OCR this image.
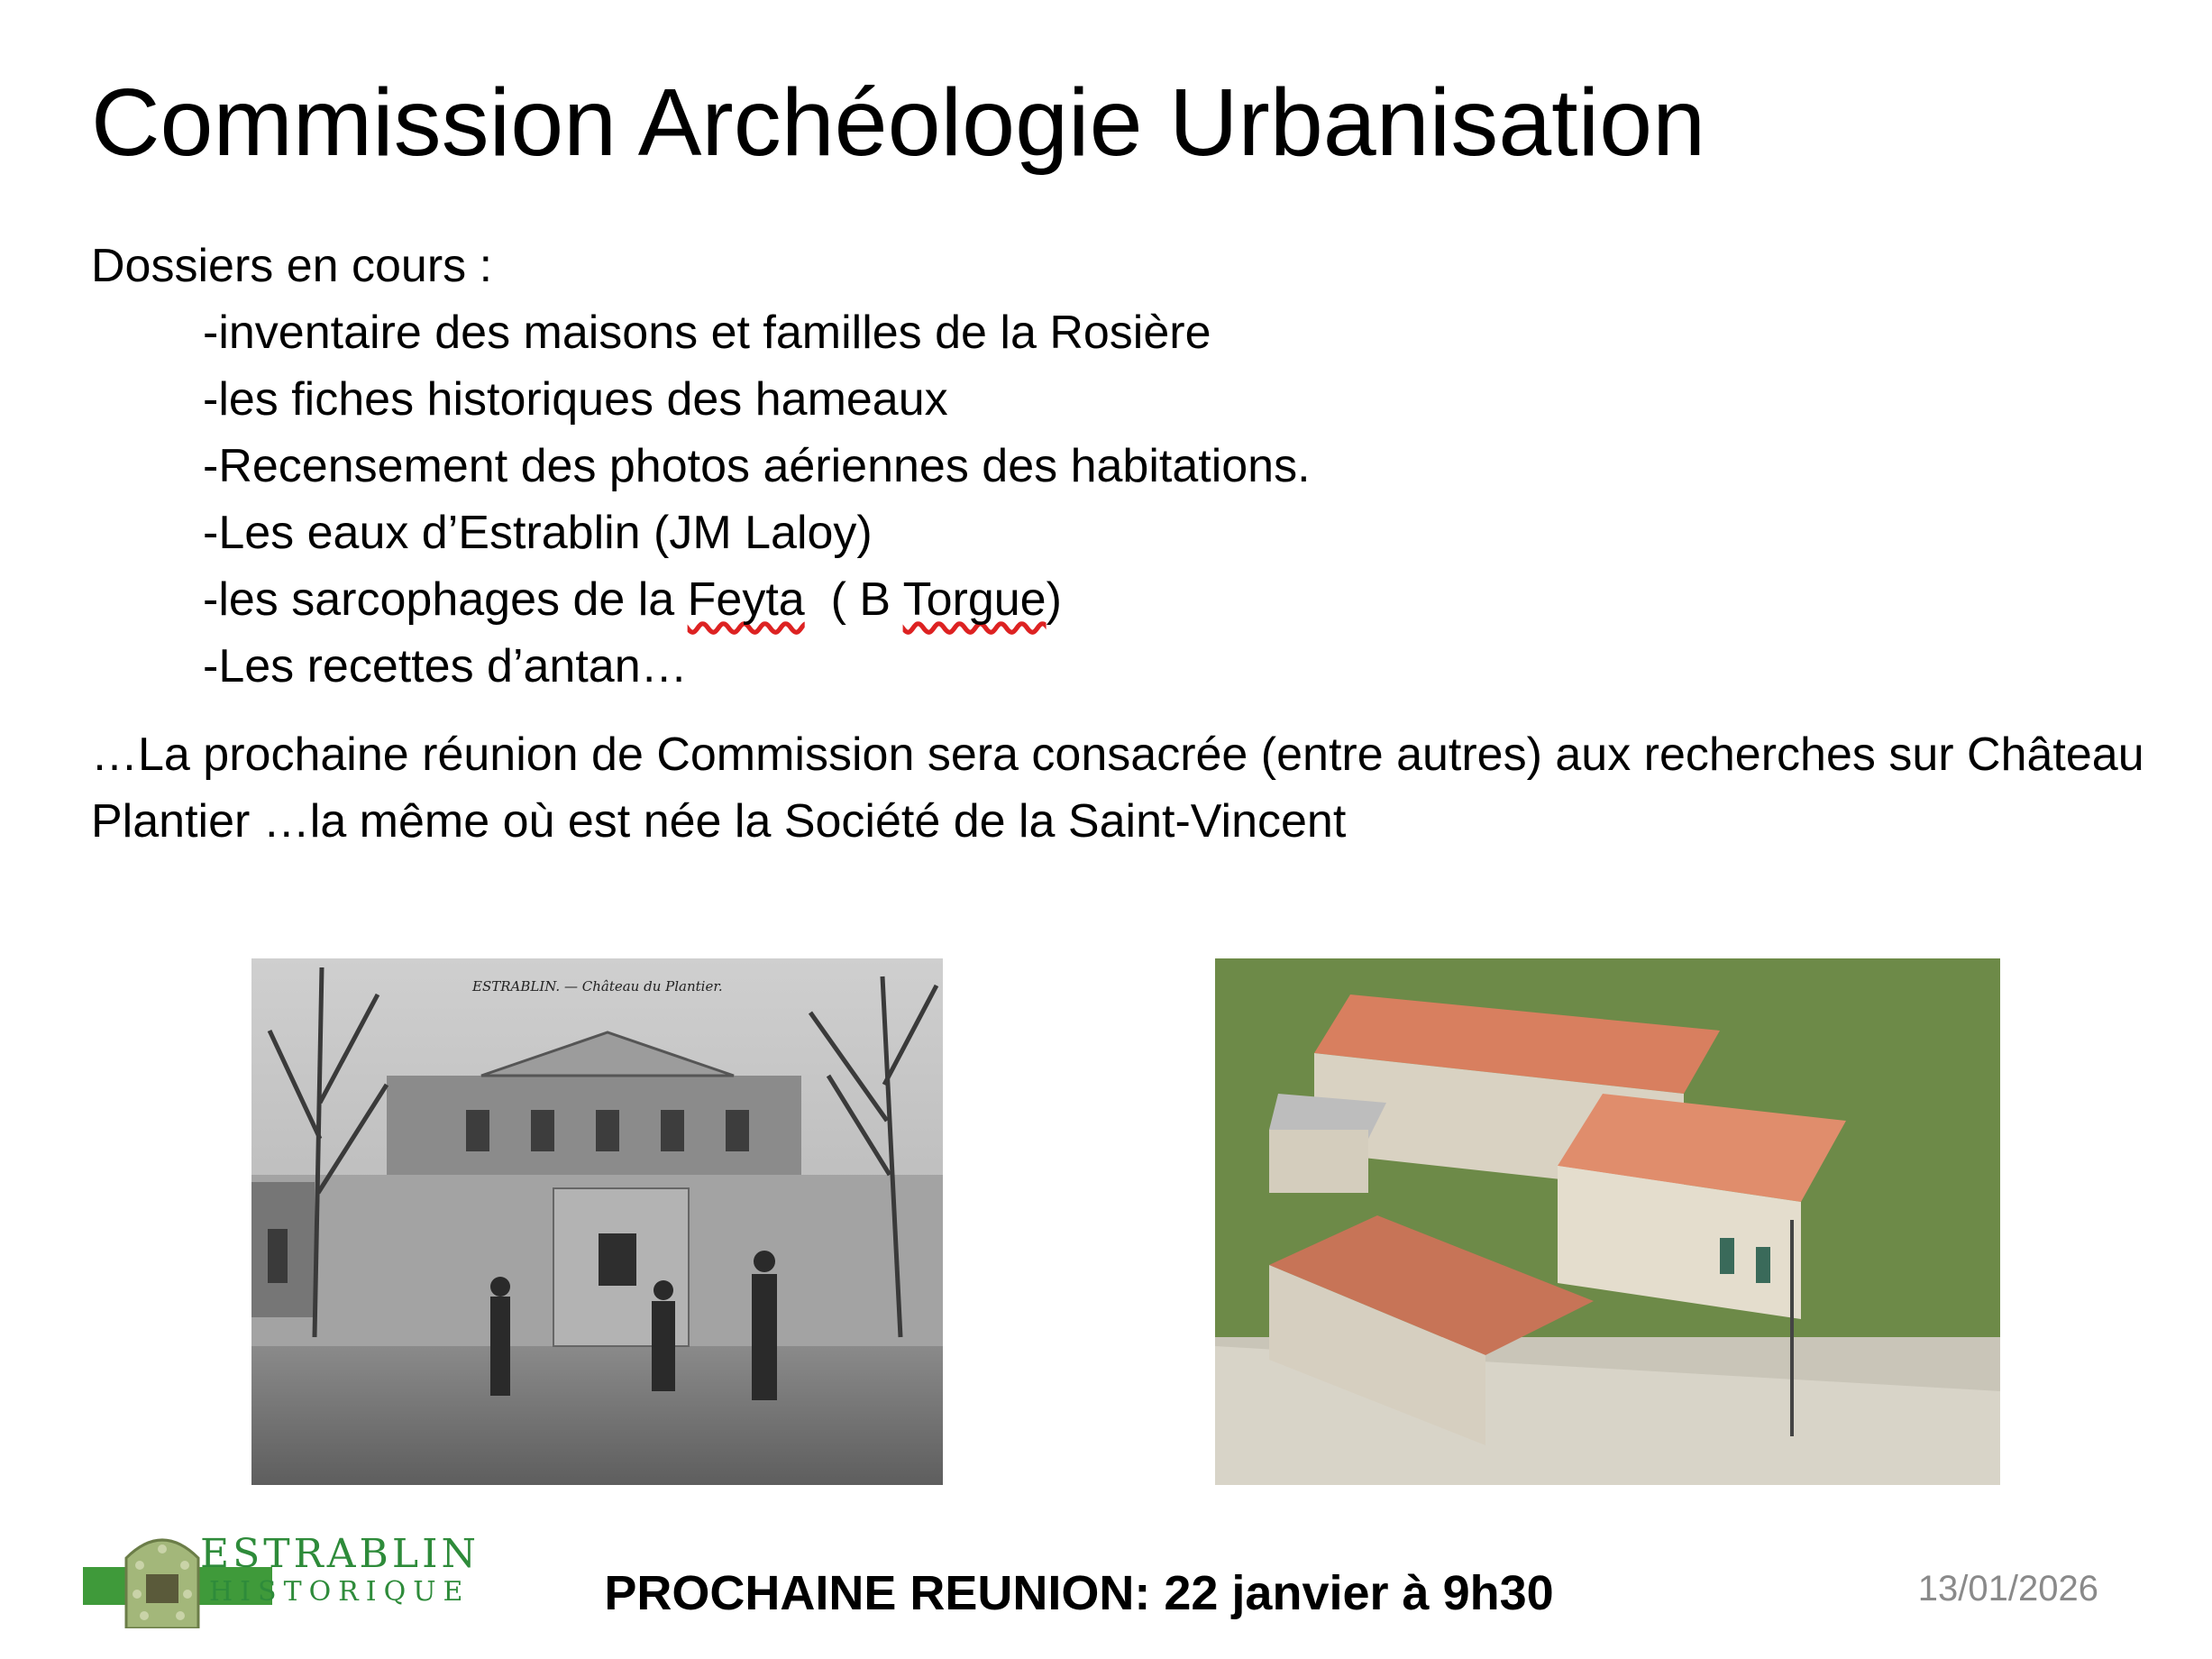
Commission Archéologie Urbanisation
Dossiers en cours :
-inventaire des maisons et familles de la Rosière
-les fiches historiques des hameaux
-Recensement des photos aériennes des habitations.
-Les eaux d’Estrablin (JM Laloy)
-les sarcophages de la Feyta  ( B Torgue)
-Les recettes d’antan…
…La prochaine réunion de Commission sera consacrée (entre autres) aux recherches sur Château Plantier …la même où est née la Société de la Saint-Vincent
ESTRABLIN. — Château du Plantier.
ESTRABLIN
HISTORIQUE	PROCHAINE REUNION: 22 janvier à 9h30	13/01/2026
